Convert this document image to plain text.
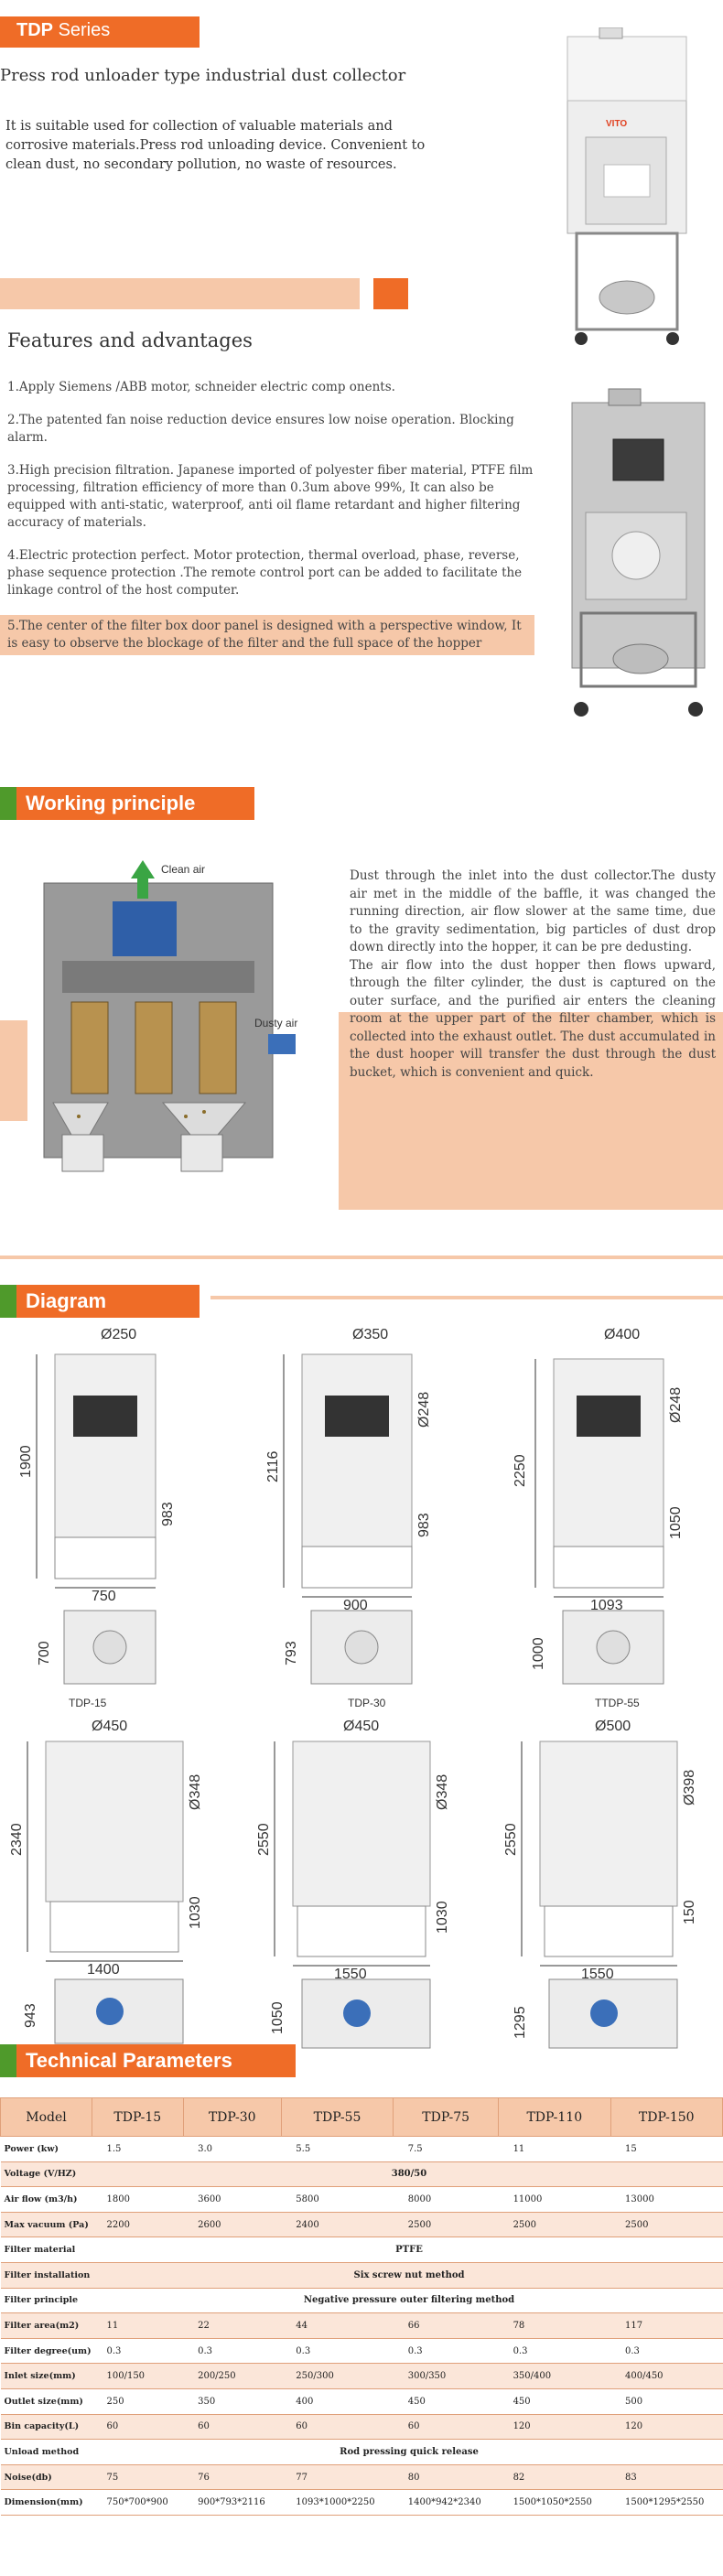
TDP Series
Press rod unloader type industrial dust collector
It is suitable used for collection of valuable materials and corrosive materials.Press rod unloading device. Convenient to clean dust, no secondary pollution, no waste of resources.
VITO
Features and advantages
1.Apply Siemens /ABB motor, schneider electric comp onents.
2.The patented fan noise reduction device ensures low noise operation. Blocking alarm.
3.High precision filtration. Japanese imported of polyester fiber material, PTFE film processing, filtration efficiency of more than 0.3um above 99%, It can also be equipped with anti-static, waterproof, anti oil flame retardant and higher filtering accuracy of materials.
4.Electric protection perfect. Motor protection, thermal overload, phase, reverse, phase sequence protection .The remote control port can be added to facilitate the linkage control of the host computer.
5.The center of the filter box door panel is designed with a perspective window, It is easy to observe the blockage of the filter and the full space of the hopper
Working principle
Clean air
Dusty air

Dust through the inlet into the dust collector.The dusty air met in the middle of the baffle, it was changed the running direction, air flow slower at the same time, due to the gravity sedimentation, big particles of dust drop down directly into the hopper, it can be pre dedusting.

The air flow into the dust hopper then flows upward, through the filter cylinder, the dust is captured on the outer surface, and the purified air enters the cleaning room at the upper part of the filter chamber, which is collected into the exhaust outlet. The dust accumulated in the dust hooper will transfer the dust through the dust bucket, which is convenient and quick.

Diagram
Ø250
1900
983
750
700
TDP-15
Ø350
2116
Ø248
983
900
793
TDP-30
Ø400
2250
Ø248
1050
1093
1000
TTDP-55
Ø450
2340
Ø348
1030
1400
943
Ø450
2550
Ø348
1030
1550
1050
Ø500
2550
Ø398
150
1550
1295
Technical Parameters
Model	TDP-15	TDP-30	TDP-55	TDP-75	TDP-110	TDP-150
Power (kw)	1.5	3.0	5.5	7.5	11	15
Voltage (V/HZ)	380/50					
Air flow (m3/h)	1800	3600	5800	8000	11000	13000
Max vacuum (Pa)	2200	2600	2400	2500	2500	2500
Filter material	PTFE					
Filter installation	Six screw nut method					
Filter principle	Negative pressure outer filtering method					
Filter area(m2)	11	22	44	66	78	117
Filter degree(um)	0.3	0.3	0.3	0.3	0.3	0.3
Inlet size(mm)	100/150	200/250	250/300	300/350	350/400	400/450
Outlet size(mm)	250	350	400	450	450	500
Bin capacity(L)	60	60	60	60	120	120
Unload method	Rod pressing quick release					
Noise(db)	75	76	77	80	82	83
Dimension(mm)	750*700*900	900*793*2116	1093*1000*2250	1400*942*2340	1500*1050*2550	1500*1295*2550
